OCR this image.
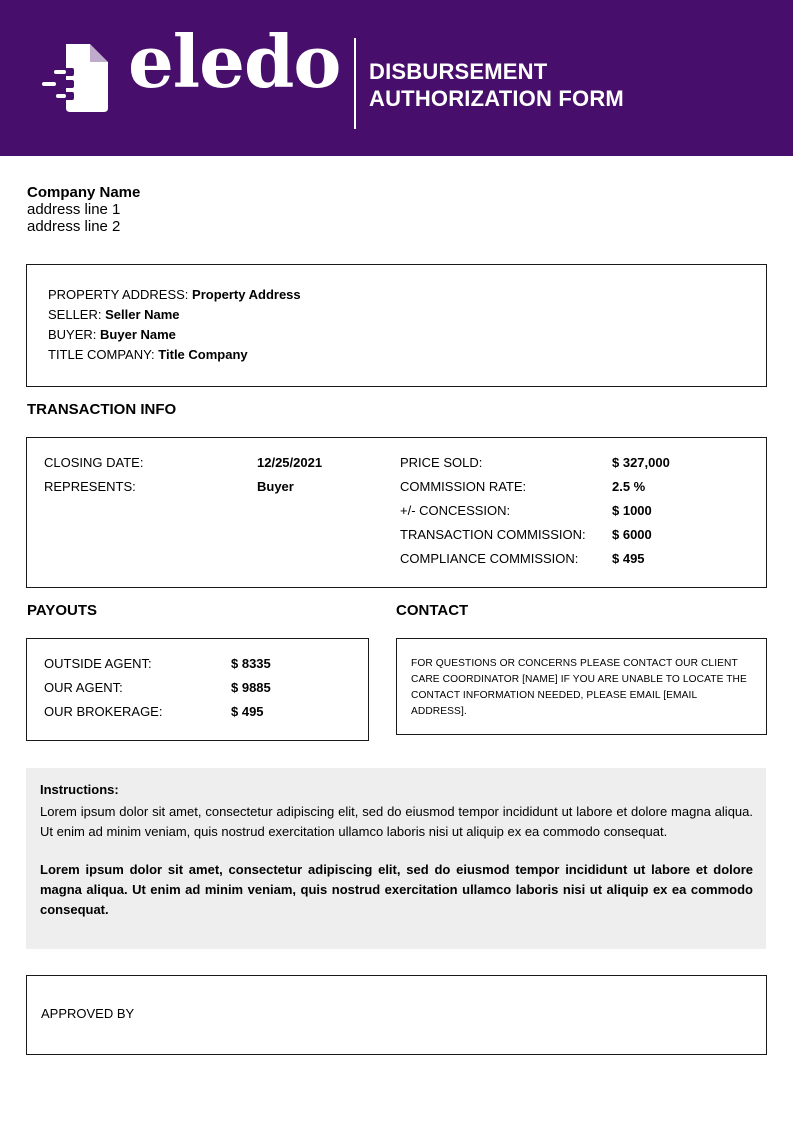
eledo DISBURSEMENT
AUTHORIZATION FORM
Company Name
address line 1
address line 2
PROPERTY ADDRESS: Property Address
SELLER: Seller Name
BUYER: Buyer Name
TITLE COMPANY: Title Company
TRANSACTION INFO
CLOSING DATE:	12/25/2021
REPRESENTS:	Buyer
PRICE SOLD:	$ 327,000
COMMISSION RATE:	2.5 %
+/- CONCESSION:	$ 1000
TRANSACTION COMMISSION: $ 6000
COMPLIANCE COMMISSION:	$ 495
PAYOUTS	CONTACT
OUTSIDE AGENT:	$ 8335
OUR AGENT:	$ 9885
OUR BROKERAGE:	$ 495
FOR QUESTIONS OR CONCERNS PLEASE CONTACT OUR CLIENT CARE COORDINATOR [NAME] IF YOU ARE UNABLE TO LOCATE THE CONTACT INFORMATION NEEDED, PLEASE EMAIL [EMAIL ADDRESS].
Instructions:
Lorem ipsum dolor sit amet, consectetur adipiscing elit, sed do eiusmod tempor incididunt ut labore et dolore magna aliqua. Ut enim ad minim veniam, quis nostrud exercitation ullamco laboris nisi ut aliquip ex ea commodo consequat.
Lorem ipsum dolor sit amet, consectetur adipiscing elit, sed do eiusmod tempor incididunt ut labore et dolore magna aliqua. Ut enim ad minim veniam, quis nostrud exercitation ullamco laboris nisi ut aliquip ex ea commodo consequat.
APPROVED BY
